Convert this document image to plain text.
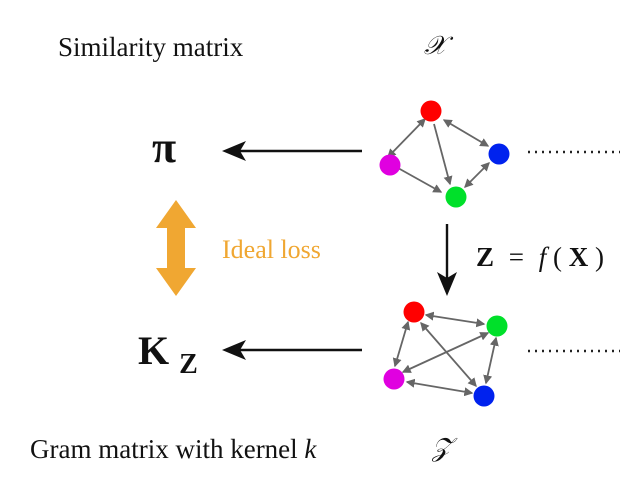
Similarity matrix	𝒳
π
Ideal loss	Z = f ( X )
K $_Z$
Gram matrix with kernel k	𝒵
